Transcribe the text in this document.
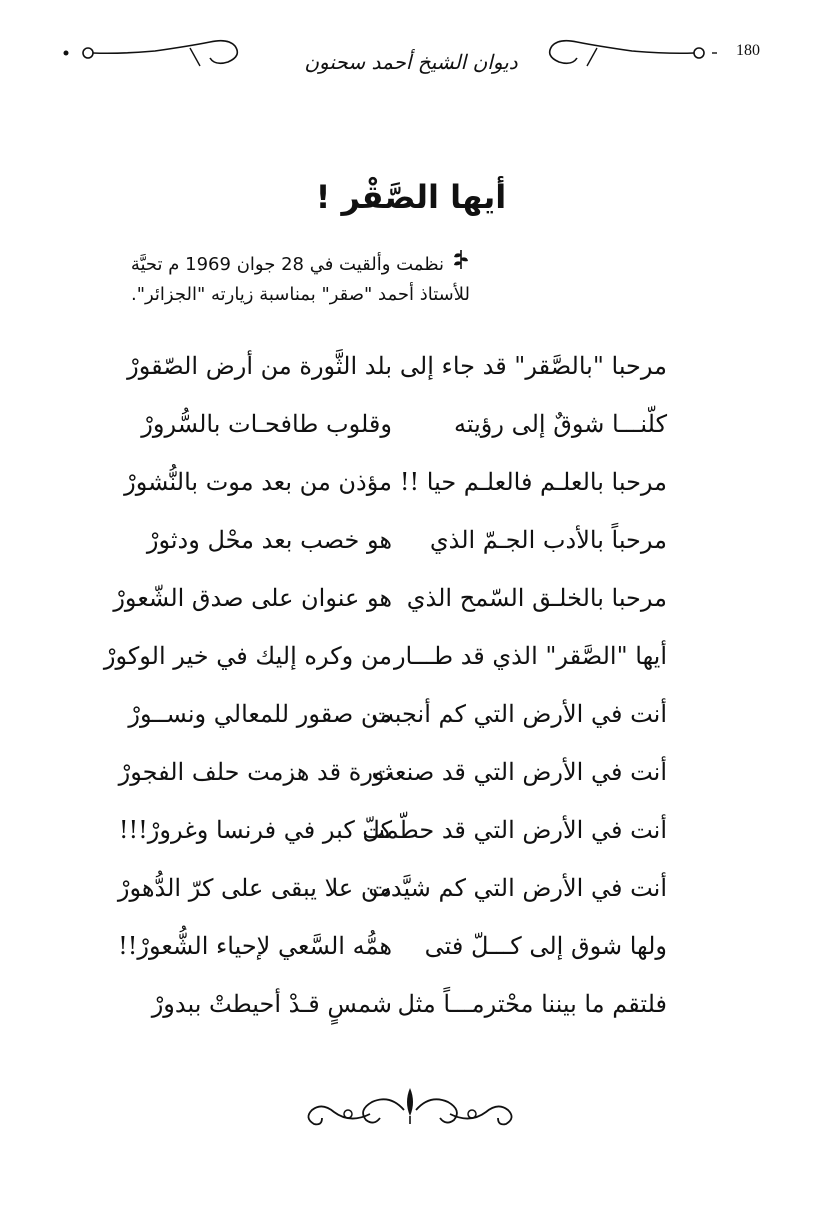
180
ديوان الشيخ أحمد سحنون
أيها الصَّقْر !
نظمت وألقيت في 28 جوان 1969 م تحيَّة
للأستاذ أحمد "صقر" بمناسبة زيارته "الجزائر".
مرحبا "بالصَّقر" قد جاء إلى
بلد الثَّورة من أرض الصّقورْ
كلّنـــا شوقٌ إلى رؤيته
وقلوب طافحـات بالسُّرورْ
مرحبا بالعلـم فالعلـم حيا !!
مؤذن من بعد موت بالنُّشورْ
مرحباً بالأدب الجـمّ الذي
هو خصب بعد محْل ودثورْ
مرحبا بالخلـق السّمح الذي
هو عنوان على صدق الشّعورْ
أيها "الصَّقر" الذي قد طـــار
من وكره إليك في خير الوكورْ
أنت في الأرض التي كم أنجبت
من صقور للمعالي ونســورْ
أنت في الأرض التي قد صنعت
ثورة قد هزمت حلف الفجورْ
أنت في الأرض التي قد حطّمت
كلّ كبر في فرنسا وغرورْ!!!
أنت في الأرض التي كم شيَّدت
من علا يبقى على كرّ الدُّهورْ
ولها شوق إلى كـــلّ فتى
همُّه السَّعي لإحياء الشُّعورْ!!
فلتقم ما بيننا محْترمـــاً مثل
شمسٍ قـدْ أحيطتْ ببدورْ
